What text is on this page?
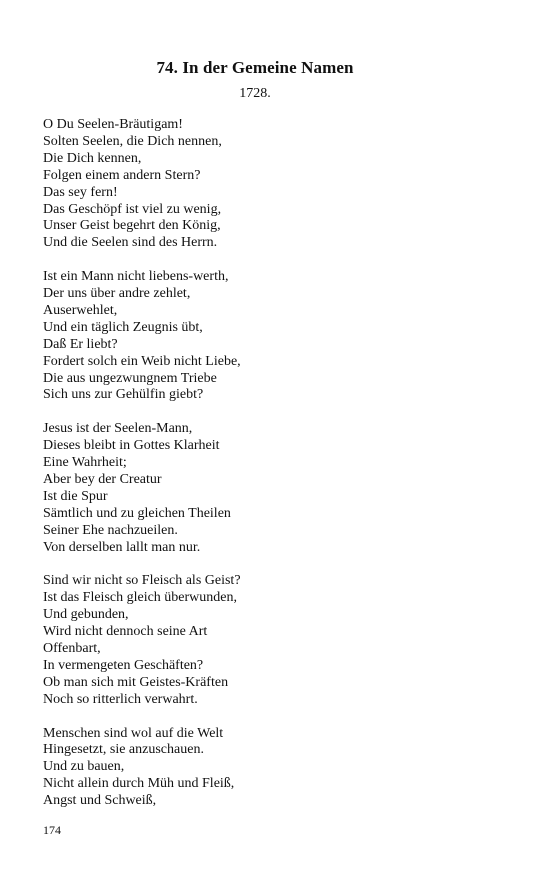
74. In der Gemeine Namen
1728.
O Du Seelen-Bräutigam!
Solten Seelen, die Dich nennen,
Die Dich kennen,
Folgen einem andern Stern?
Das sey fern!
Das Geschöpf ist viel zu wenig,
Unser Geist begehrt den König,
Und die Seelen sind des Herrn.
Ist ein Mann nicht liebens-werth,
Der uns über andre zehlet,
Auserwehlet,
Und ein täglich Zeugnis übt,
Daß Er liebt?
Fordert solch ein Weib nicht Liebe,
Die aus ungezwungnem Triebe
Sich uns zur Gehülfin giebt?
Jesus ist der Seelen-Mann,
Dieses bleibt in Gottes Klarheit
Eine Wahrheit;
Aber bey der Creatur
Ist die Spur
Sämtlich und zu gleichen Theilen
Seiner Ehe nachzueilen.
Von derselben lallt man nur.
Sind wir nicht so Fleisch als Geist?
Ist das Fleisch gleich überwunden,
Und gebunden,
Wird nicht dennoch seine Art
Offenbart,
In vermengeten Geschäften?
Ob man sich mit Geistes-Kräften
Noch so ritterlich verwahrt.
Menschen sind wol auf die Welt
Hingesetzt, sie anzuschauen.
Und zu bauen,
Nicht allein durch Müh und Fleiß,
Angst und Schweiß,
174
